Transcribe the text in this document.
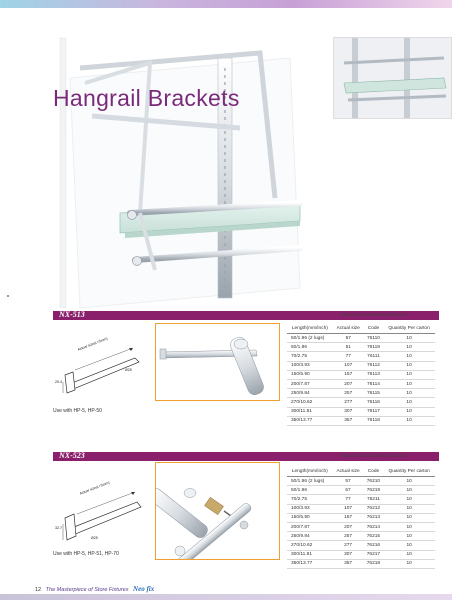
Hangrail Brackets
NX-513	Bracket for round tubing Ø25 mm
Actual size(L+5mm)
25.4
Ø25
Use with HP-5, HP-50
Length(mm/inch)	Actual size	Code	Quantity Per carton
50/1.96 (2 lugs)	57	76110	10
50/1.96	51	76119	10
70/2.75	77	76111	10
100/3.93	107	76112	10
150/5.90	157	76113	10
200/7.87	207	76114	10
250/9.84	257	76115	10
270/10.62	277	76116	10
300/11.81	307	76117	10
350/13.77	357	76118	10
NX-523	Bracket for round tubing Ø25 mm
Actual size(L+5mm)
32.7
Ø25
Use with HP-5, HP-51, HP-70
Length(mm/inch)	Actual size	Code	Quantity Per carton
50/1.96 (2 lugs)	57	76210	10
50/1.96	57	76219	10
70/2.75	77	76211	10
100/3.93	107	76212	10
150/5.90	157	76213	10
200/7.87	207	76214	10
250/9.84	257	76215	10
270/10.62	277	76216	10
300/11.81	307	76217	10
350/13.77	357	76218	10
12 The Masterpiece of Store Fixtures Neo fix
